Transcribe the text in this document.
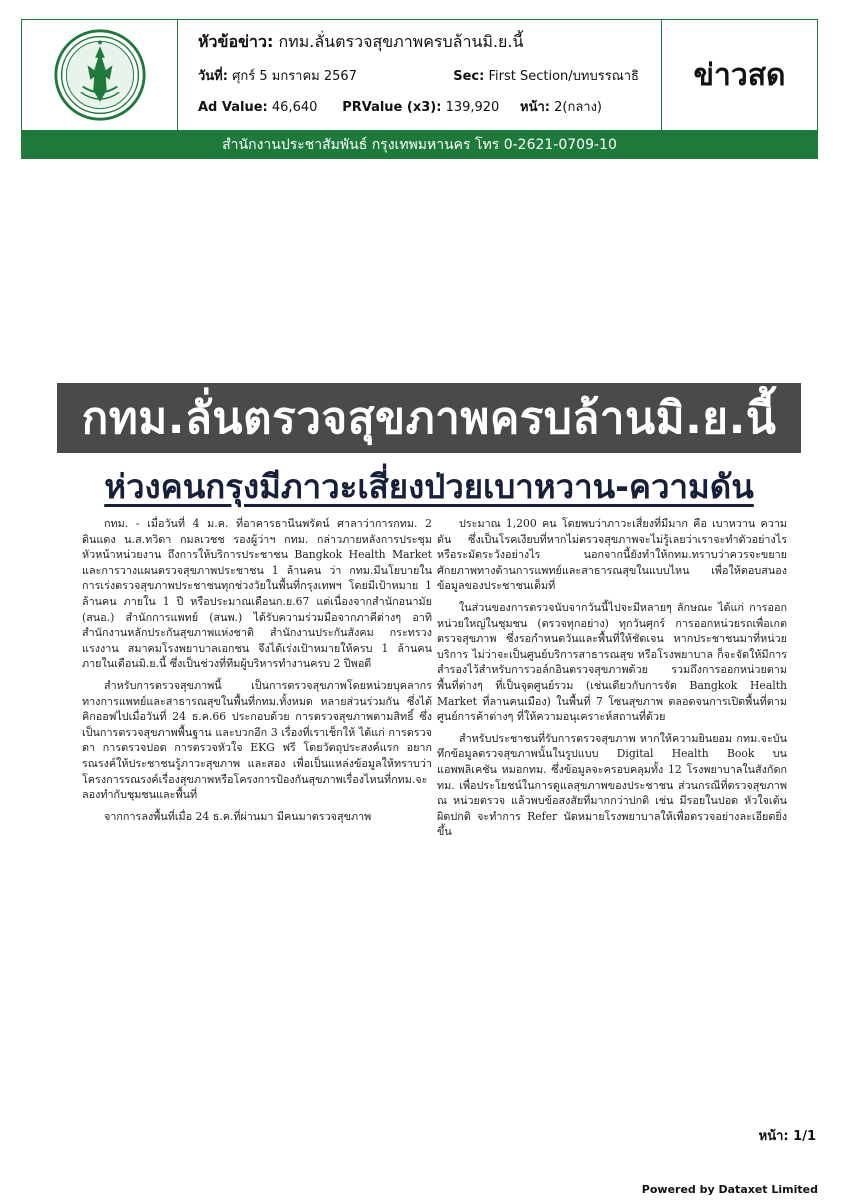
หัวข้อข่าว: กทม.ลั่นตรวจสุขภาพครบล้านมิ.ย.นี้
วันที่: ศุกร์ 5 มกราคม 2567	Sec: First Section/บทบรรณาธิ
Ad Value: 46,640 PRValue (x3): 139,920 หน้า: 2(กลาง)
ข่าวสด
สำนักงานประชาสัมพันธ์ กรุงเทพมหานคร โทร 0-2621-0709-10
กทม.ลั่นตรวจสุขภาพครบล้านมิ.ย.นี้
ห่วงคนกรุงมีภาวะเสี่ยงป่วยเบาหวาน-ความดัน

กทม. - เมื่อวันที่ 4 ม.ค. ที่อาคารธานีนพรัตน์ ศาลาว่าการกทม. 2 ดินแดง น.ส.ทวิดา กมลเวชช รองผู้ว่าฯ กทม. กล่าวภายหลังการประชุมหัวหน้าหน่วยงาน ถึงการให้บริการประชาชน Bangkok Health Market และการวางแผนตรวจสุขภาพประชาชน 1 ล้านคน ว่า กทม.มีนโยบายในการเร่งตรวจสุขภาพประชาชนทุกช่วงวัยในพื้นที่กรุงเทพฯ โดยมีเป้าหมาย 1 ล้านคน ภายใน 1 ปี หรือประมาณเดือนก.ย.67 แต่เนื่องจากสำนักอนามัย (สนอ.) สำนักการแพทย์ (สนพ.) ได้รับความร่วมมือจากภาคีต่างๆ อาทิ สำนักงานหลักประกันสุขภาพแห่งชาติ สำนักงานประกันสังคม กระทรวงแรงงาน สมาคมโรงพยาบาลเอกชน จึงได้เร่งเป้าหมายให้ครบ 1 ล้านคนภายในเดือนมิ.ย.นี้ ซึ่งเป็นช่วงที่ทีมผู้บริหารทำงานครบ 2 ปีพอดี

สำหรับการตรวจสุขภาพนี้ เป็นการตรวจสุขภาพโดยหน่วยบุคลากรทางการแพทย์และสาธารณสุขในพื้นที่กทม.ทั้งหมด หลายส่วนร่วมกัน ซึ่งได้คิกออฟไปเมื่อวันที่ 24 ธ.ค.66 ประกอบด้วย การตรวจสุขภาพตามสิทธิ์ ซึ่งเป็นการตรวจสุขภาพพื้นฐาน และบวกอีก 3 เรื่องที่เราเช็กให้ ได้แก่ การตรวจตา การตรวจปอด การตรวจหัวใจ EKG ฟรี โดยวัตถุประสงค์แรก อยากรณรงค์ให้ประชาชนรู้ภาวะสุขภาพ และสอง เพื่อเป็นแหล่งข้อมูลให้ทราบว่าโครงการรณรงค์เรื่องสุขภาพหรือโครงการป้องกันสุขภาพเรื่องไหนที่กทม.จะลองทำกับชุมชนและพื้นที่

จากการลงพื้นที่เมื่อ 24 ธ.ค.ที่ผ่านมา มีคนมาตรวจสุขภาพ

ประมาณ 1,200 คน โดยพบว่าภาวะเสี่ยงที่มีมาก คือ เบาหวาน ความดัน ซึ่งเป็นโรคเงียบที่หากไม่ตรวจสุขภาพจะไม่รู้เลยว่าเราจะทำตัวอย่างไรหรือระมัดระวังอย่างไร นอกจากนี้ยังทำให้กทม.ทราบว่าควรจะขยายศักยภาพทางด้านการแพทย์และสาธารณสุขในแบบไหน เพื่อให้ตอบสนองข้อมูลของประชาชนเต็มที่

ในส่วนของการตรวจนับจากวันนี้ไปจะมีหลายๆ ลักษณะ ได้แก่ การออกหน่วยใหญ่ในชุมชน (ตรวจทุกอย่าง) ทุกวันศุกร์ การออกหน่วยรถเพื่อเกตตรวจสุขภาพ ซึ่งรอกำหนดวันและพื้นที่ให้ชัดเจน หากประชาชนมาที่หน่วยบริการ ไม่ว่าจะเป็นศูนย์บริการสาธารณสุข หรือโรงพยาบาล ก็จะจัดให้มีการสำรองไว้สำหรับการวอล์กอินตรวจสุขภาพด้วย รวมถึงการออกหน่วยตามพื้นที่ต่างๆ ที่เป็นจุดศูนย์รวม (เช่นเดียวกับการจัด Bangkok Health Market ที่ลานคนเมือง) ในพื้นที่ 7 โซนสุขภาพ ตลอดจนการเปิดพื้นที่ตามศูนย์การค้าต่างๆ ที่ให้ความอนุเคราะห์สถานที่ด้วย

สำหรับประชาชนที่รับการตรวจสุขภาพ หากให้ความยินยอม กทม.จะบันทึกข้อมูลตรวจสุขภาพนั้นในรูปแบบ Digital Health Book บนแอพพลิเคชัน หมอกทม. ซึ่งข้อมูลจะครอบคลุมทั้ง 12 โรงพยาบาลในสังกัดกทม. เพื่อประโยชน์ในการดูแลสุขภาพของประชาชน ส่วนกรณีที่ตรวจสุขภาพ ณ หน่วยตรวจ แล้วพบข้อสงสัยที่มากกว่าปกติ เช่น มีรอยในปอด หัวใจเต้นผิดปกติ จะทำการ Refer นัดหมายโรงพยาบาลให้เพื่อตรวจอย่างละเอียดยิ่งขึ้น

หน้า: 1/1
Powered by Dataxet Limited
